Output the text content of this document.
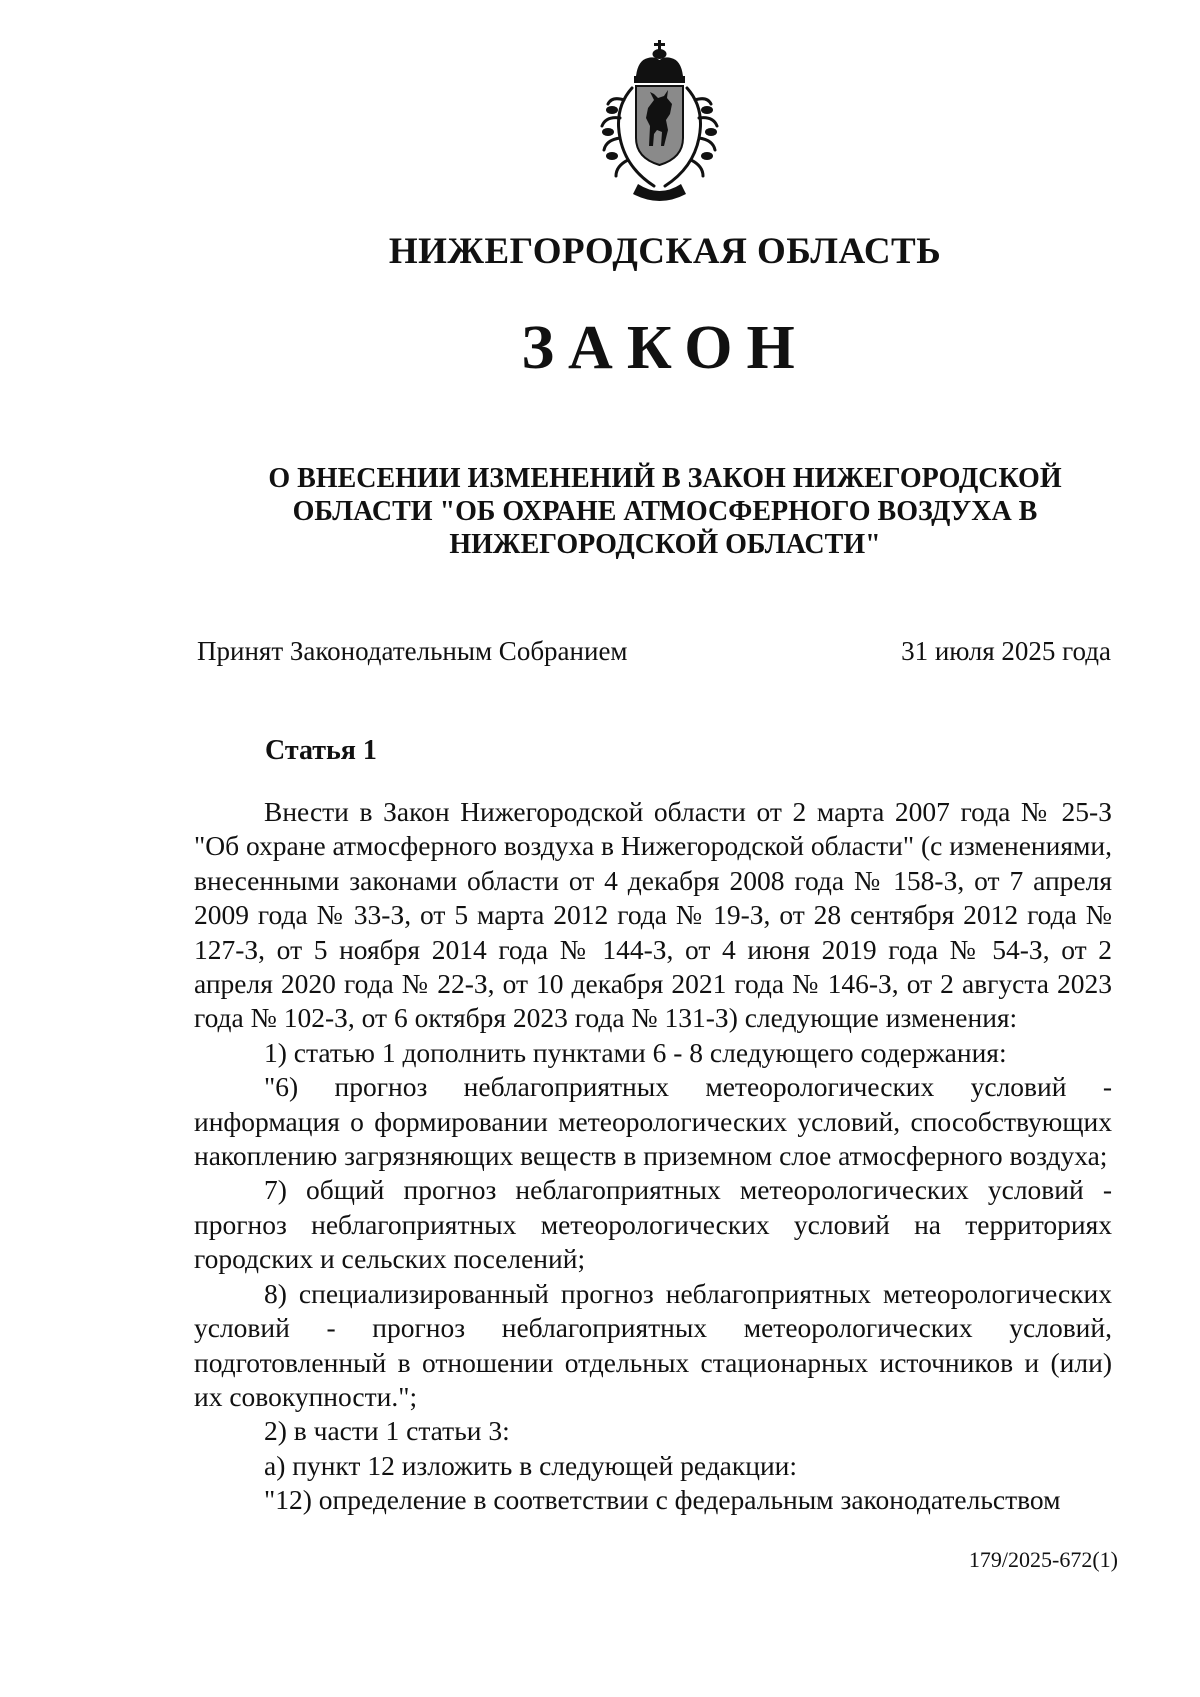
НИЖЕГОРОДСКАЯ ОБЛАСТЬ
ЗАКОН
О ВНЕСЕНИИ ИЗМЕНЕНИЙ В ЗАКОН НИЖЕГОРОДСКОЙ ОБЛАСТИ "ОБ ОХРАНЕ АТМОСФЕРНОГО ВОЗДУХА В НИЖЕГОРОДСКОЙ ОБЛАСТИ"
Принят Законодательным Собранием	31 июля 2025 года
Статья 1

Внести в Закон Нижегородской области от 2 марта 2007 года № 25-З "Об охране атмосферного воздуха в Нижегородской области" (с изменениями, внесенными законами области от 4 декабря 2008 года № 158-З, от 7 апреля 2009 года № 33-З, от 5 марта 2012 года № 19-З, от 28 сентября 2012 года № 127-З, от 5 ноября 2014 года № 144-З, от 4 июня 2019 года № 54-З, от 2 апреля 2020 года № 22-З, от 10 декабря 2021 года № 146-З, от 2 августа 2023 года № 102-З, от 6 октября 2023 года № 131-З) следующие изменения:

1) статью 1 дополнить пунктами 6 - 8 следующего содержания:

"6) прогноз неблагоприятных метеорологических условий - информация о формировании метеорологических условий, способствующих накоплению загрязняющих веществ в приземном слое атмосферного воздуха;

7) общий прогноз неблагоприятных метеорологических условий - прогноз неблагоприятных метеорологических условий на территориях городских и сельских поселений;

8) специализированный прогноз неблагоприятных метеорологических условий - прогноз неблагоприятных метеорологических условий, подготовленный в отношении отдельных стационарных источников и (или) их совокупности.";

2) в части 1 статьи 3:

а) пункт 12 изложить в следующей редакции:

"12) определение в соответствии с федеральным законодательством

179/2025-672(1)
